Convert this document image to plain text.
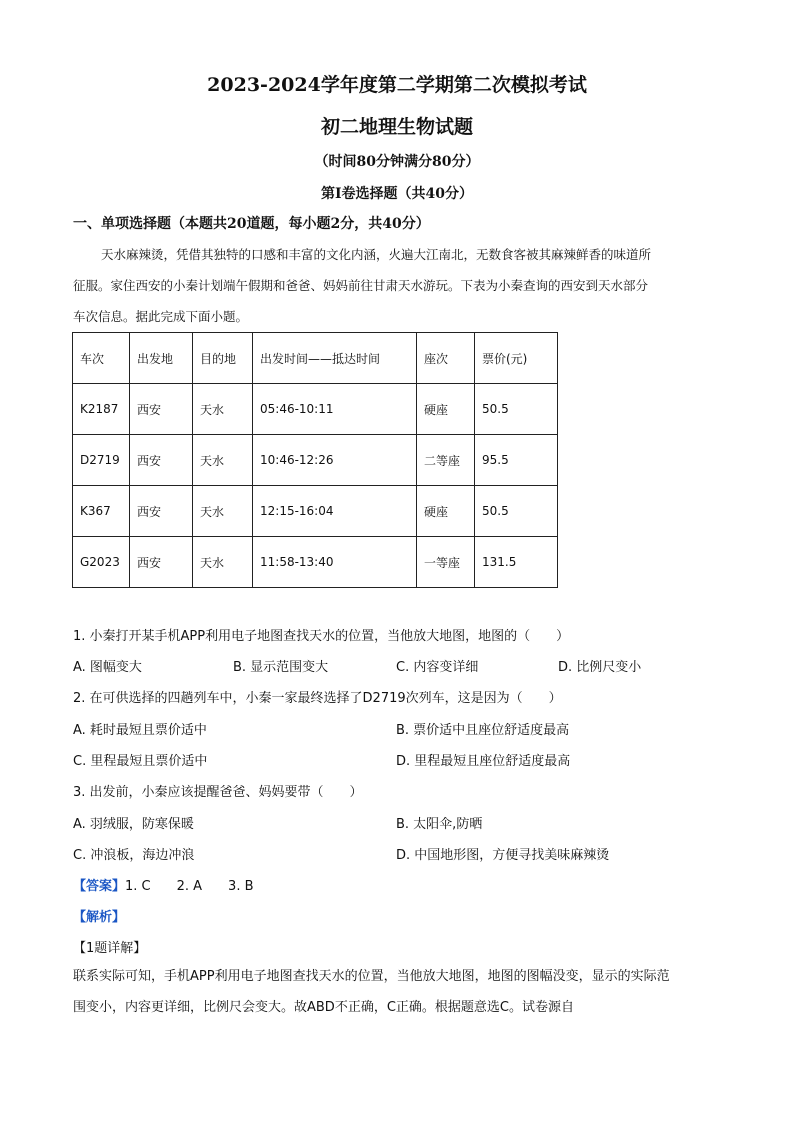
2023-2024学年度第二学期第二次模拟考试
初二地理生物试题
（时间80分钟满分80分）
第Ⅰ卷选择题（共40分）
一、单项选择题（本题共20道题，每小题2分，共40分）

天水麻辣烫，凭借其独特的口感和丰富的文化内涵，火遍大江南北，无数食客被其麻辣鲜香的味道所

征服。家住西安的小秦计划端午假期和爸爸、妈妈前往甘肃天水游玩。下表为小秦查询的西安到天水部分

车次信息。据此完成下面小题。

车次	出发地	目的地	出发时间——抵达时间	座次	票价(元)
K2187	西安	天水	05:46-10:11	硬座	50.5
D2719	西安	天水	10:46-12:26	二等座	95.5
K367	西安	天水	12:15-16:04	硬座	50.5
G2023	西安	天水	11:58-13:40	一等座	131.5
1. 小秦打开某手机APP利用电子地图查找天水的位置，当他放大地图，地图的（　　）
A. 图幅变大	B. 显示范围变大	C. 内容变详细	D. 比例尺变小
2. 在可供选择的四趟列车中，小秦一家最终选择了D2719次列车，这是因为（　　）
A. 耗时最短且票价适中	B. 票价适中且座位舒适度最高
C. 里程最短且票价适中	D. 里程最短且座位舒适度最高
3. 出发前，小秦应该提醒爸爸、妈妈要带（　　）
A. 羽绒服，防寒保暖	B. 太阳伞,防晒
C. 冲浪板，海边冲浪	D. 中国地形图，方便寻找美味麻辣烫
【答案】1. C　　2. A　　3. B
【解析】
【1题详解】
联系实际可知，手机APP利用电子地图查找天水的位置，当他放大地图，地图的图幅没变，显示的实际范
围变小，内容更详细，比例尺会变大。故ABD不正确，C正确。根据题意选C。试卷源自
